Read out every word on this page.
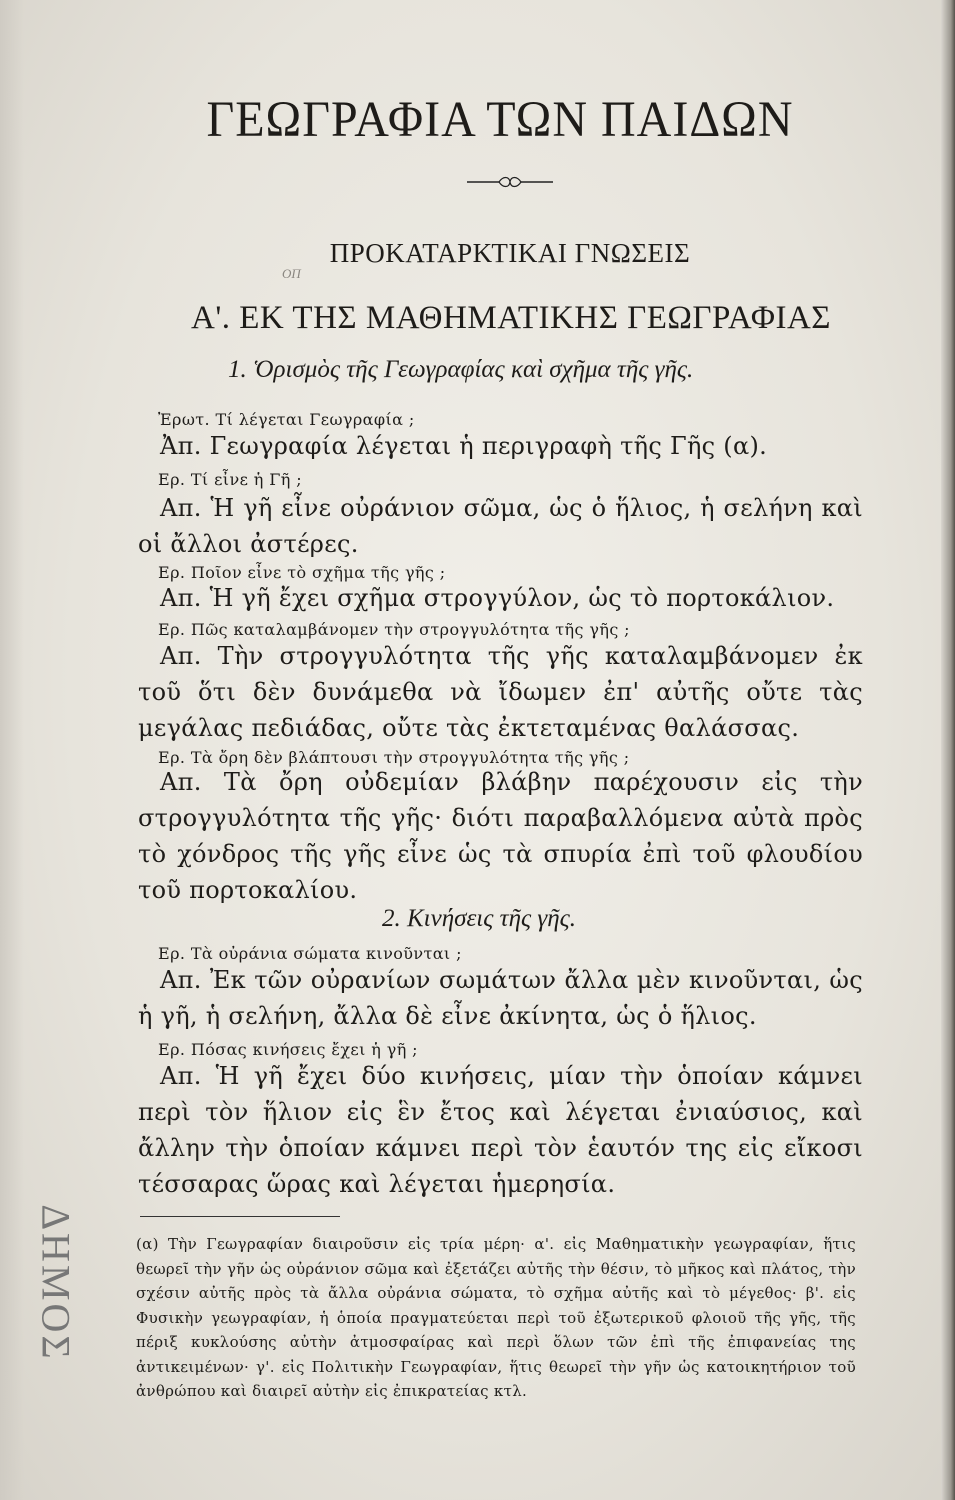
ΓΕΩΓΡΑΦΙΑ ΤΩΝ ΠΑΙΔΩΝ
ΟΠ
ΠΡΟΚΑΤΑΡΚΤΙΚΑΙ ΓΝΩΣΕΙΣ
Α'. ΕΚ ΤΗΣ ΜΑΘΗΜΑΤΙΚΗΣ ΓΕΩΓΡΑΦΙΑΣ
1. Ὁρισμὸς τῆς Γεωγραφίας καὶ σχῆμα τῆς γῆς.
Ἐρωτ. Τί λέγεται Γεωγραφία ;
Ἀπ. Γεωγραφία λέγεται ἡ περιγραφὴ τῆς Γῆς (α).
Ερ. Τί εἶνε ἡ Γῆ ;
Απ. Ἡ γῆ εἶνε οὐράνιον σῶμα, ὡς ὁ ἥλιος, ἡ σελήνη καὶ οἱ ἄλλοι ἀστέρες.
Ερ. Ποῖον εἶνε τὸ σχῆμα τῆς γῆς ;
Απ. Ἡ γῆ ἔχει σχῆμα στρογγύλον, ὡς τὸ πορτοκάλιον.
Ερ. Πῶς καταλαμβάνομεν τὴν στρογγυλότητα τῆς γῆς ;
Απ. Τὴν στρογγυλότητα τῆς γῆς καταλαμβάνομεν ἐκ τοῦ ὅτι δὲν δυνάμεθα νὰ ἴδωμεν ἐπ' αὐτῆς οὔτε τὰς μεγάλας πεδιάδας, οὔτε τὰς ἐκτεταμένας θαλάσσας.
Ερ. Τὰ ὄρη δὲν βλάπτουσι τὴν στρογγυλότητα τῆς γῆς ;
Απ. Τὰ ὄρη οὐδεμίαν βλάβην παρέχουσιν εἰς τὴν στρογγυλότητα τῆς γῆς· διότι παραβαλλόμενα αὐτὰ πρὸς τὸ χόνδρος τῆς γῆς εἶνε ὡς τὰ σπυρία ἐπὶ τοῦ φλουδίου τοῦ πορτοκαλίου.
2. Κινήσεις τῆς γῆς.
Ερ. Τὰ οὐράνια σώματα κινοῦνται ;
Απ. Ἐκ τῶν οὐρανίων σωμάτων ἄλλα μὲν κινοῦνται, ὡς ἡ γῆ, ἡ σελήνη, ἄλλα δὲ εἶνε ἀκίνητα, ὡς ὁ ἥλιος.
Ερ. Πόσας κινήσεις ἔχει ἡ γῆ ;
Απ. Ἡ γῆ ἔχει δύο κινήσεις, μίαν τὴν ὁποίαν κάμνει περὶ τὸν ἥλιον εἰς ἓν ἔτος καὶ λέγεται ἐνιαύσιος, καὶ ἄλλην τὴν ὁποίαν κάμνει περὶ τὸν ἑαυτόν της εἰς εἴκοσι τέσσαρας ὥρας καὶ λέγεται ἡμερησία.
(α) Τὴν Γεωγραφίαν διαιροῦσιν εἰς τρία μέρη· α'. εἰς Μαθηματικὴν γεωγραφίαν, ἥτις θεωρεῖ τὴν γῆν ὡς οὐράνιον σῶμα καὶ ἐξετάζει αὐτῆς τὴν θέσιν, τὸ μῆκος καὶ πλάτος, τὴν σχέσιν αὐτῆς πρὸς τὰ ἄλλα οὐράνια σώματα, τὸ σχῆμα αὐτῆς καὶ τὸ μέγεθος· β'. εἰς Φυσικὴν γεωγραφίαν, ἡ ὁποία πραγματεύεται περὶ τοῦ ἐξωτερικοῦ φλοιοῦ τῆς γῆς, τῆς πέριξ κυκλούσης αὐτὴν ἀτμοσφαίρας καὶ περὶ ὅλων τῶν ἐπὶ τῆς ἐπιφανείας της ἀντικειμένων· γ'. εἰς Πολιτικὴν Γεωγραφίαν, ἥτις θεωρεῖ τὴν γῆν ὡς κατοικητήριον τοῦ ἀνθρώπου καὶ διαιρεῖ αὐτὴν εἰς ἐπικρατείας κτλ.
ΔΗΜΟΣ
